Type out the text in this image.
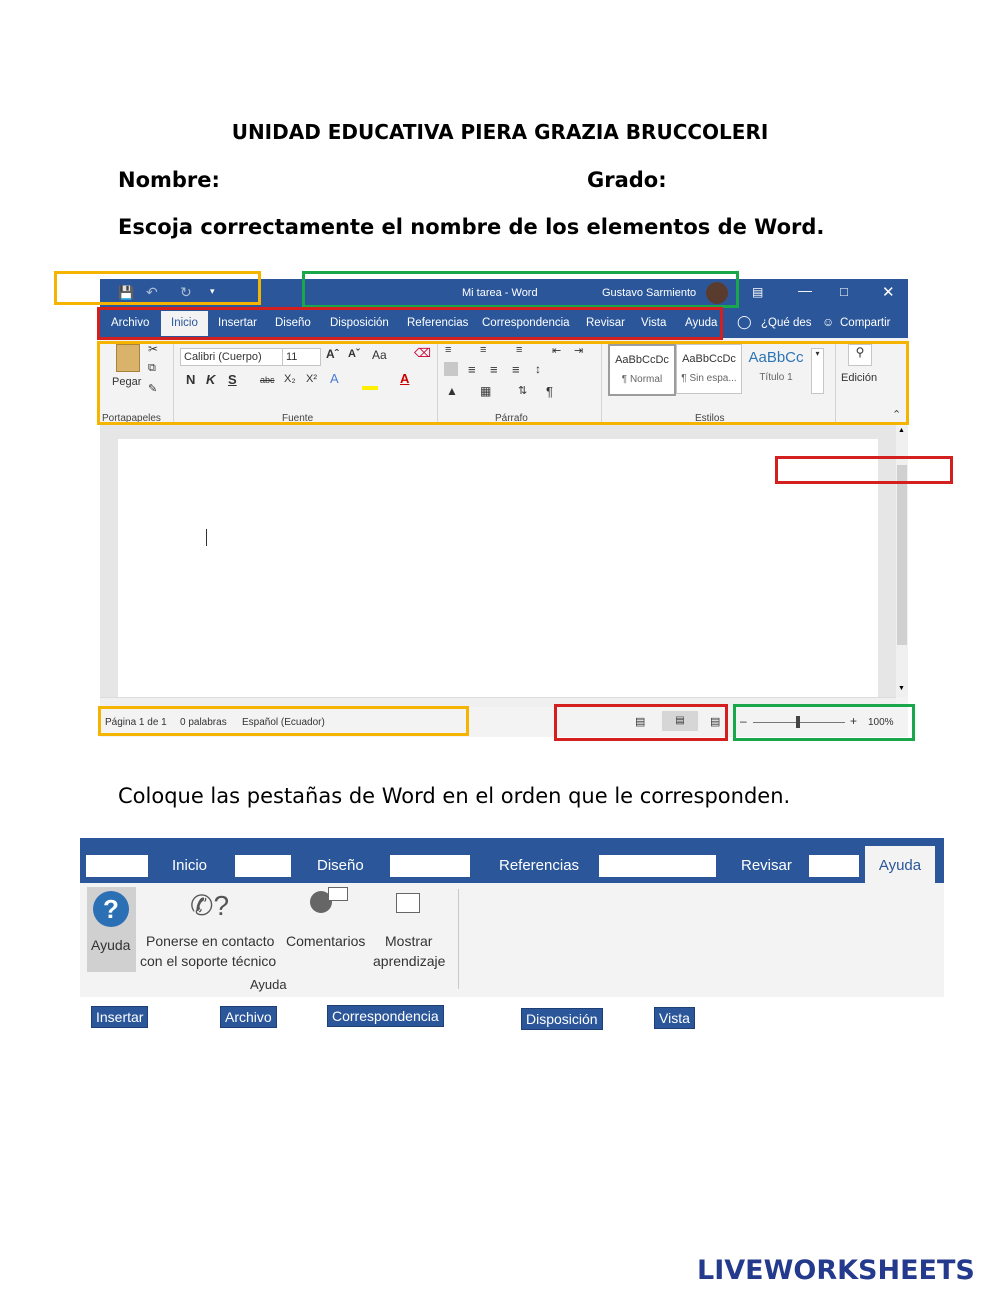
UNIDAD EDUCATIVA PIERA GRAZIA BRUCCOLERI
Nombre:	Grado:
Escoja correctamente el nombre de los elementos de Word.
💾 ↶ ↻ ▾	Mi tarea - Word	Gustavo Sarmiento	▤ — □ ✕
Archivo	Inicio	Insertar Diseño Disposición Referencias Correspondencia Revisar Vista Ayuda ◯ ¿Qué des ☺ Compartir
Pegar
✂
⧉
✎
Calibri (Cuerpo)	11	Aˆ Aˇ Aa ⌫
N K S	abc X₂ X² A	A
≡	≡	≡	⇤ ⇥
≡ ≡ ≡ ↕
▲ ▦ ⇅ ¶
AaBbCcDc
¶ Normal
AaBbCcDc
¶ Sin espa...
AaBbCc
Título 1
▾	⚲
Edición
Portapapeles	Fuente	Párrafo	Estilos	⌃
▲
▼
Página 1 de 1 0 palabras Español (Ecuador)	▤	▤	▤ –	+ 100%
Coloque las pestañas de Word en el orden que le corresponden.
Inicio	Diseño	Referencias	Revisar	Ayuda
?
Ayuda
✆?
Ponerse en contacto
con el soporte técnico
Comentarios Mostrar
aprendizaje
Ayuda
Insertar	Archivo	Correspondencia	Disposición	Vista
LIVEWORKSHEETS
